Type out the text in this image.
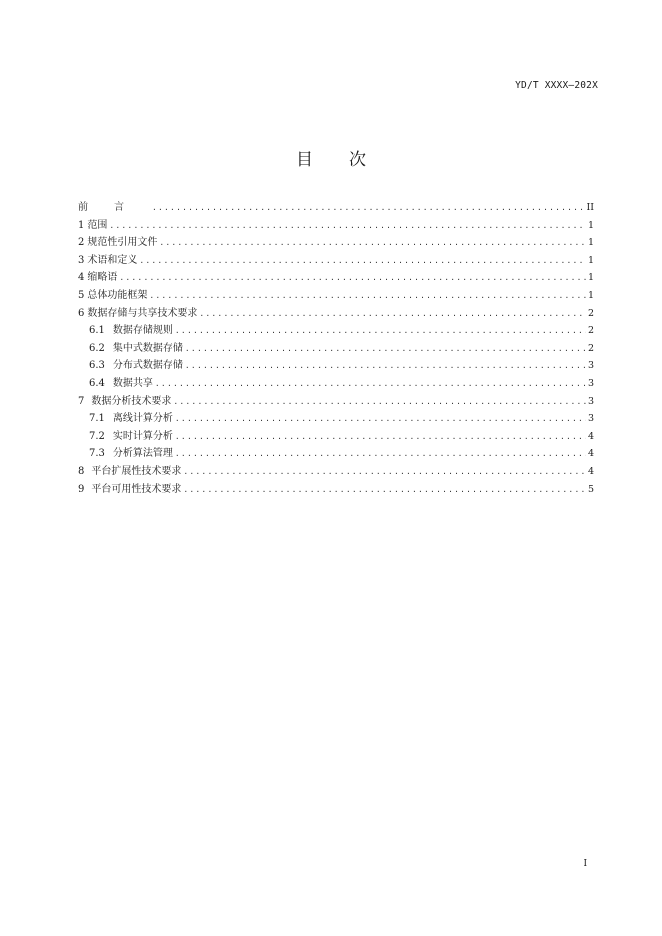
YD/T XXXX—202X
目次
前言 .....	II
1 范围 .....	1
2 规范性引用文件 .....	1
3 术语和定义 .....	1
4 缩略语 .....	1
5 总体功能框架 .....	1
6 数据存储与共享技术要求 .....	2
6.1 数据存储规则 .....	2
6.2 集中式数据存储 .....	2
6.3 分布式数据存储 .....	3
6.4 数据共享 .....	3
7 数据分析技术要求 .....	3
7.1 离线计算分析 .....	3
7.2 实时计算分析 .....	4
7.3 分析算法管理 .....	4
8 平台扩展性技术要求 .....	4
9 平台可用性技术要求 .....	5
I
